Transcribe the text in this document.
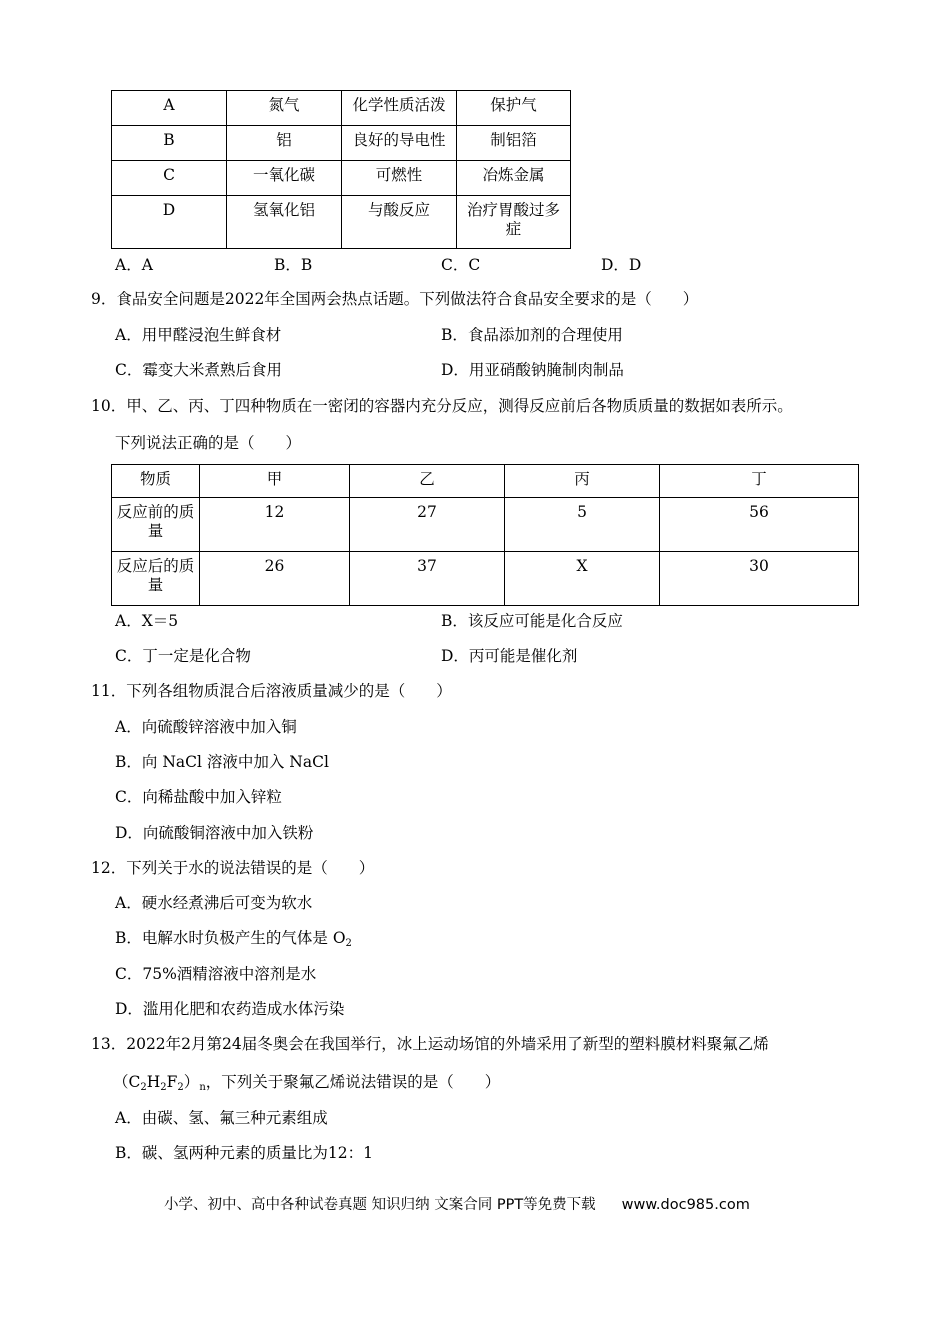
A	氮气	化学性质活泼	保护气
B	铝	良好的导电性	制铝箔
C	一氧化碳	可燃性	冶炼金属
D	氢氧化铝	与酸反应	治疗胃酸过多症
A．A	B．B	C．C	D．D
9．食品安全问题是2022年全国两会热点话题。下列做法符合食品安全要求的是（　　）
A．用甲醛浸泡生鲜食材	B．食品添加剂的合理使用
C．霉变大米煮熟后食用	D．用亚硝酸钠腌制肉制品
10．甲、乙、丙、丁四种物质在一密闭的容器内充分反应，测得反应前后各物质质量的数据如表所示。
下列说法正确的是（　　）
物质	甲	乙	丙	丁
反应前的质量	12	27	5	56
反应后的质量	26	37	X	30
A．X＝5	B．该反应可能是化合反应
C．丁一定是化合物	D．丙可能是催化剂
11．下列各组物质混合后溶液质量减少的是（　　）
A．向硫酸锌溶液中加入铜
B．向 NaCl 溶液中加入 NaCl
C．向稀盐酸中加入锌粒
D．向硫酸铜溶液中加入铁粉
12．下列关于水的说法错误的是（　　）
A．硬水经煮沸后可变为软水
B．电解水时负极产生的气体是 $O_2$
C．75%酒精溶液中溶剂是水
D．滥用化肥和农药造成水体污染
13．2022年2月第24届冬奥会在我国举行，冰上运动场馆的外墙采用了新型的塑料膜材料聚氟乙烯
$(C_2H_2F_2)_n$，下列关于聚氟乙烯说法错误的是（　　）
A．由碳、氢、氟三种元素组成
B．碳、氢两种元素的质量比为12：1
小学、初中、高中各种试卷真题 知识归纳 文案合同 PPT等免费下载 www.doc985.com
